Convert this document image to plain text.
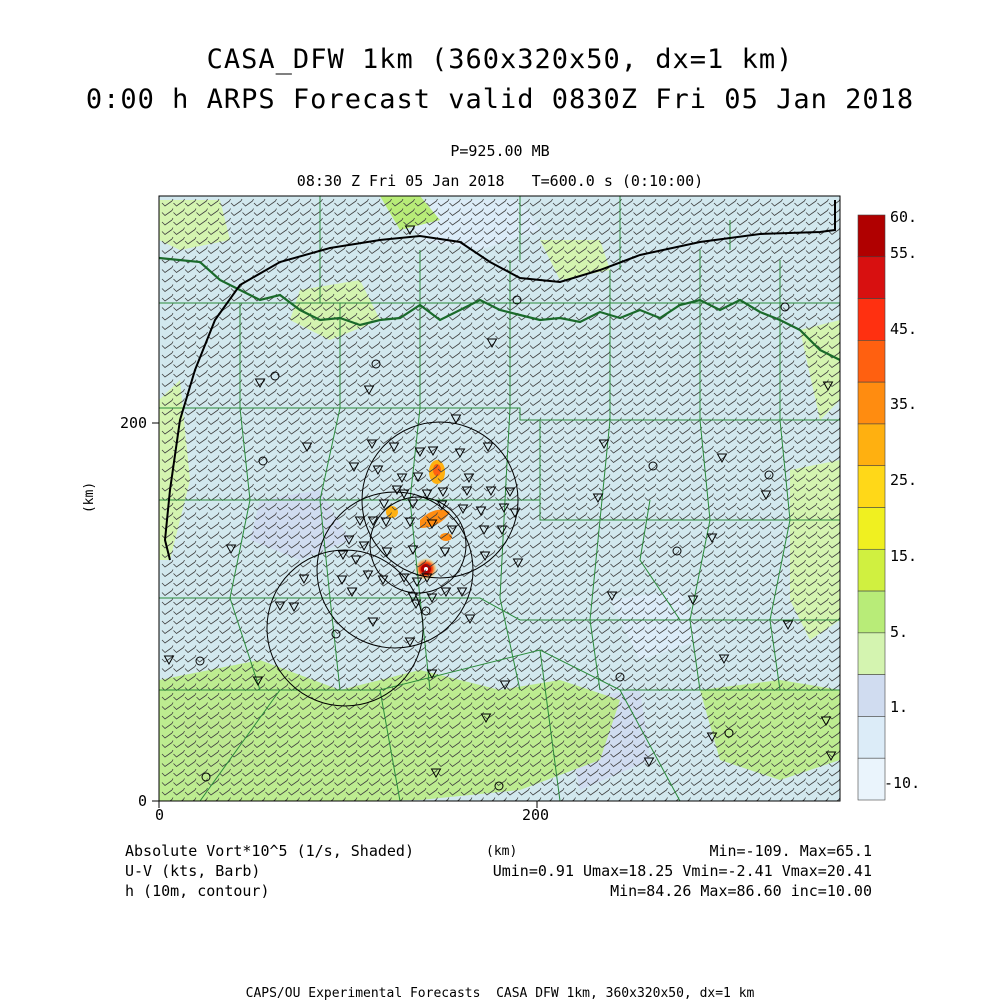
CASA_DFW 1km (360x320x50, dx=1 km)
0:00 h ARPS Forecast valid 0830Z Fri 05 Jan 2018
P=925.00 MB
08:30 Z Fri 05 Jan 2018   T=600.0 s (0:10:00)
0	200
0
200
(km)
(km)
60.
55.
45.
35.
25.
15.
5.
1.
-10.
Absolute Vort*10^5 (1/s, Shaded)
U-V (kts, Barb)
h (10m, contour)
Min=-109. Max=65.1
Umin=0.91 Umax=18.25 Vmin=-2.41 Vmax=20.41
Min=84.26 Max=86.60 inc=10.00
CAPS/OU Experimental Forecasts  CASA DFW 1km, 360x320x50, dx=1 km
